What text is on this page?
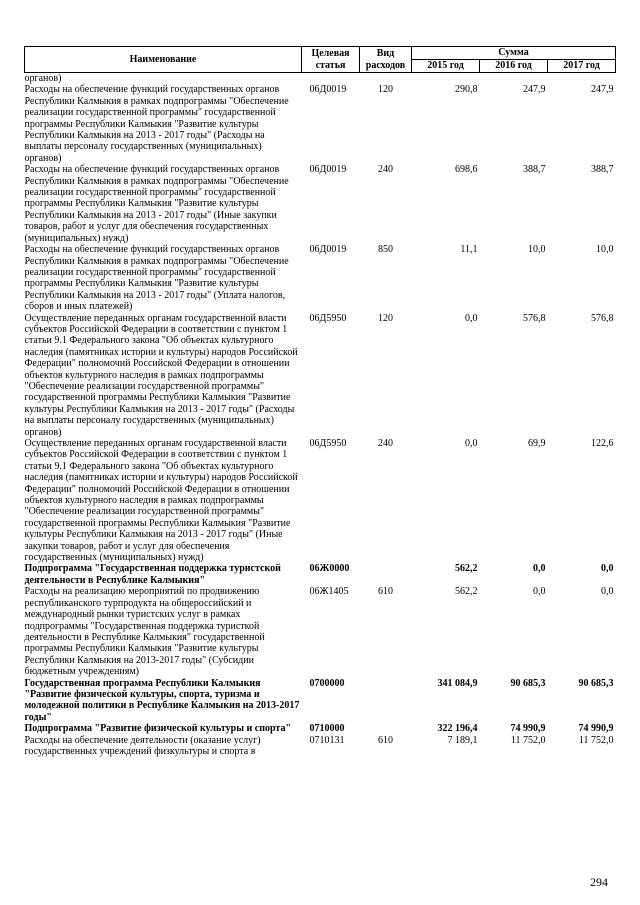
Наименование	Целевая статья	Вид расходов	Сумма		
			2015 год	2016 год	2017 год
органов)					
Расходы на обеспечение функций государственных органов Республики Калмыкия в рамках подпрограммы "Обеспечение реализации государственной программы" государственной программы Республики Калмыкия "Развитие культуры Республики Калмыкия на 2013 - 2017 годы" (Расходы на выплаты персоналу государственных (муниципальных) органов)	06Д0019	120	290,8	247,9	247,9
Расходы на обеспечение функций государственных органов Республики Калмыкия в рамках подпрограммы "Обеспечение реализации государственной программы" государственной программы Республики Калмыкия "Развитие культуры Республики Калмыкия на 2013 - 2017 годы" (Иные закупки товаров, работ и услуг для обеспечения государственных (муниципальных) нужд)	06Д0019	240	698,6	388,7	388,7
Расходы на обеспечение функций государственных органов Республики Калмыкия в рамках подпрограммы "Обеспечение реализации государственной программы" государственной программы Республики Калмыкия "Развитие культуры Республики Калмыкия на 2013 - 2017 годы" (Уплата налогов, сборов и иных платежей)	06Д0019	850	11,1	10,0	10,0
Осуществление переданных органам государственной власти субъектов Российской Федерации в соответствии с пунктом 1 статьи 9.1 Федерального закона "Об объектах культурного наследия (памятниках истории и культуры) народов Российской Федерации" полномочий Российской Федерации в отношении объектов культурного наследия в рамках подпрограммы "Обеспечение реализации государственной программы" государственной программы Республики Калмыкия "Развитие культуры Республики Калмыкия на 2013 - 2017 годы" (Расходы на выплаты персоналу государственных (муниципальных) органов)	06Д5950	120	0,0	576,8	576,8
Осуществление переданных органам государственной власти субъектов Российской Федерации в соответствии с пунктом 1 статьи 9.1 Федерального закона "Об объектах культурного наследия (памятниках истории и культуры) народов Российской Федерации" полномочий Российской Федерации в отношении объектов культурного наследия в рамках подпрограммы "Обеспечение реализации государственной программы" государственной программы Республики Калмыкия "Развитие культуры Республики Калмыкия на 2013 - 2017 годы" (Иные закупки товаров, работ и услуг для обеспечения государственных (муниципальных) нужд)	06Д5950	240	0,0	69,9	122,6
Подпрограмма "Государственная поддержка туристской деятельности в Республике Калмыкия"	06Ж0000		562,2	0,0	0,0
Расходы на реализацию мероприятий по продвижению республиканского турпродукта на общероссийский и международный рынки туристских услуг в рамках подпрограммы "Государственная поддержка туристкой деятельности в Республике Калмыкия" государственной программы Республики Калмыкия "Развитие культуры Республики Калмыкия на 2013-2017 годы" (Субсидии бюджетным учреждениям)	06Ж1405	610	562,2	0,0	0,0
Государственная программа Республики Калмыкия "Развитие физической культуры, спорта, туризма и молодежной политики в Республике Калмыкия на 2013-2017 годы"	0700000		341 084,9	90 685,3	90 685,3
Подпрограмма "Развитие физической культуры и спорта"	0710000		322 196,4	74 990,9	74 990,9
Расходы на обеспечение деятельности (оказание услуг) государственных учреждений физкультуры и спорта в	0710131	610	7 189,1	11 752,0	11 752,0
294
